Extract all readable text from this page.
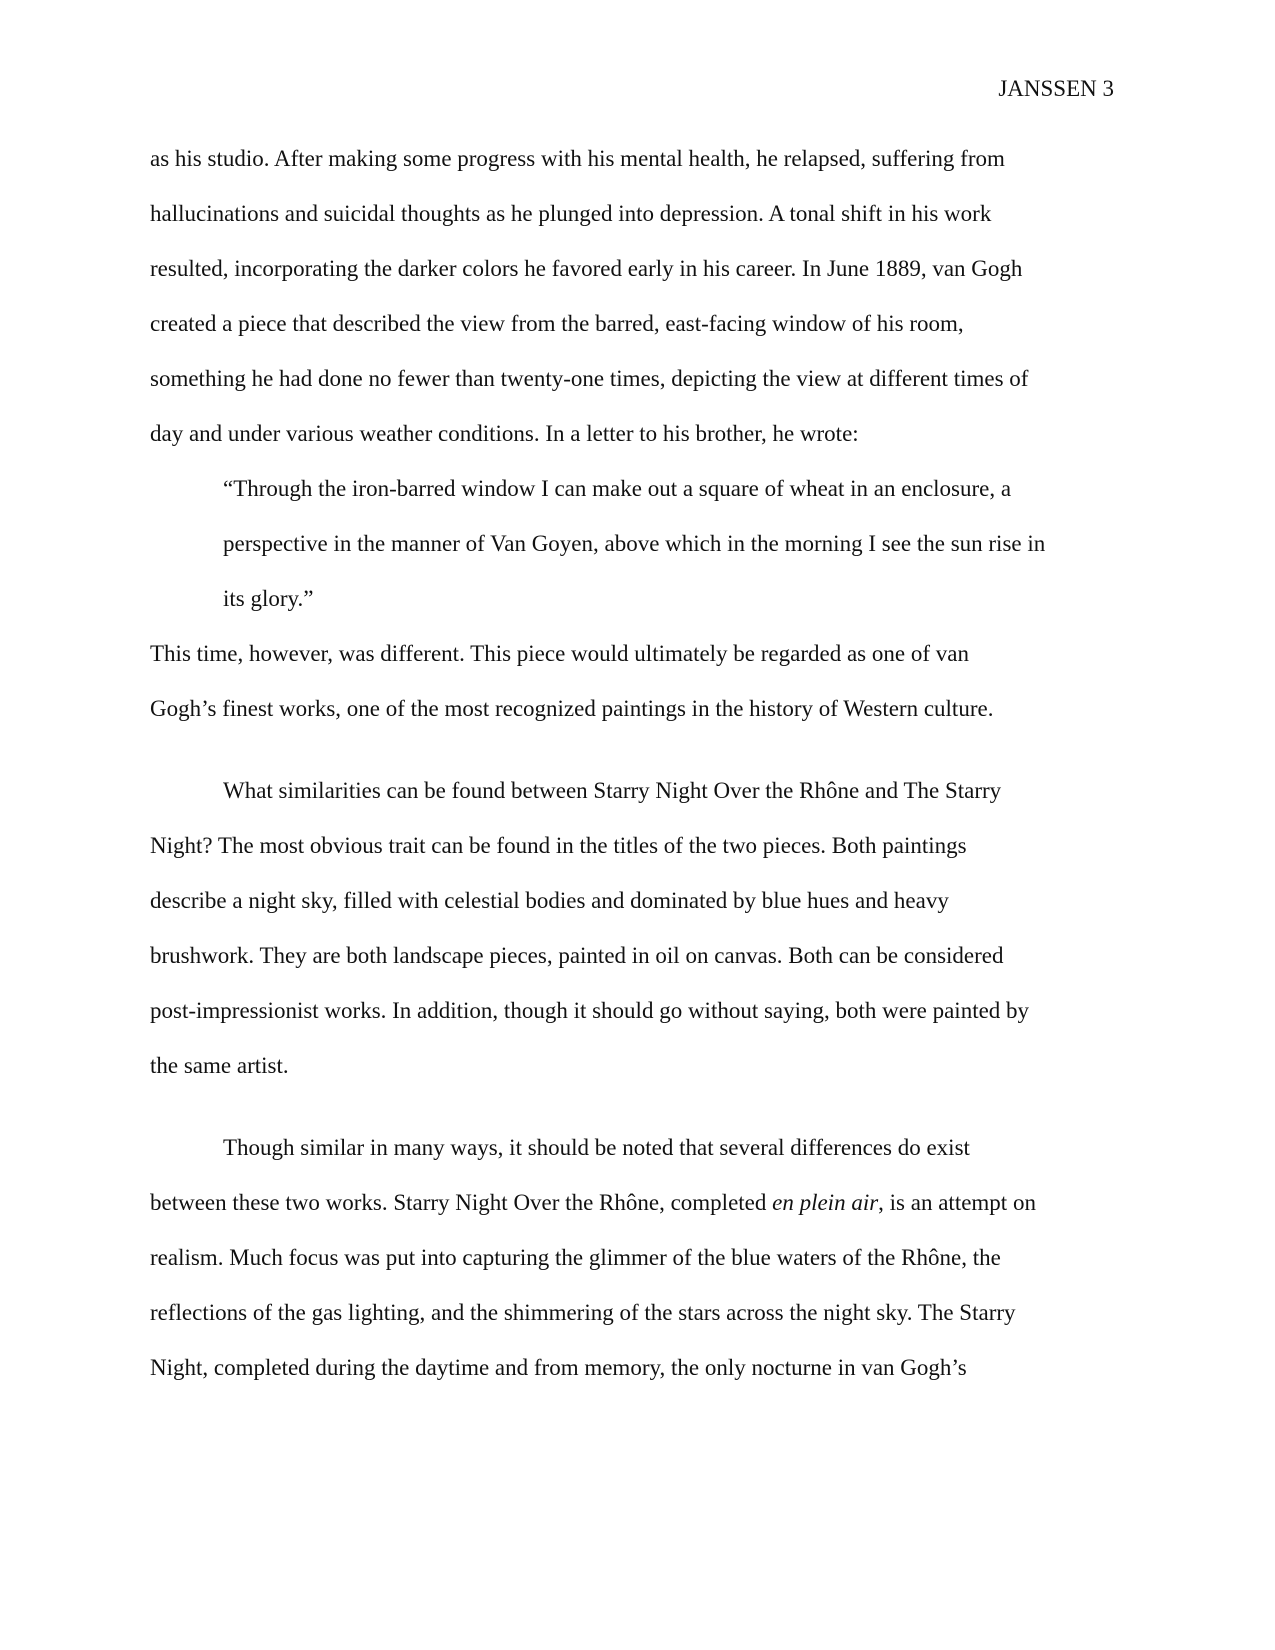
JANSSEN 3
as his studio. After making some progress with his mental health, he relapsed, suffering from
hallucinations and suicidal thoughts as he plunged into depression. A tonal shift in his work
resulted, incorporating the darker colors he favored early in his career. In June 1889, van Gogh
created a piece that described the view from the barred, east-facing window of his room,
something he had done no fewer than twenty-one times, depicting the view at different times of
day and under various weather conditions. In a letter to his brother, he wrote:
“Through the iron-barred window I can make out a square of wheat in an enclosure, a
perspective in the manner of Van Goyen, above which in the morning I see the sun rise in
its glory.”
This time, however, was different. This piece would ultimately be regarded as one of van
Gogh’s finest works, one of the most recognized paintings in the history of Western culture.
What similarities can be found between Starry Night Over the Rhône and The Starry
Night? The most obvious trait can be found in the titles of the two pieces. Both paintings
describe a night sky, filled with celestial bodies and dominated by blue hues and heavy
brushwork. They are both landscape pieces, painted in oil on canvas. Both can be considered
post-impressionist works. In addition, though it should go without saying, both were painted by
the same artist.
Though similar in many ways, it should be noted that several differences do exist
between these two works. Starry Night Over the Rhône, completed en plein air, is an attempt on
realism. Much focus was put into capturing the glimmer of the blue waters of the Rhône, the
reflections of the gas lighting, and the shimmering of the stars across the night sky. The Starry
Night, completed during the daytime and from memory, the only nocturne in van Gogh’s
